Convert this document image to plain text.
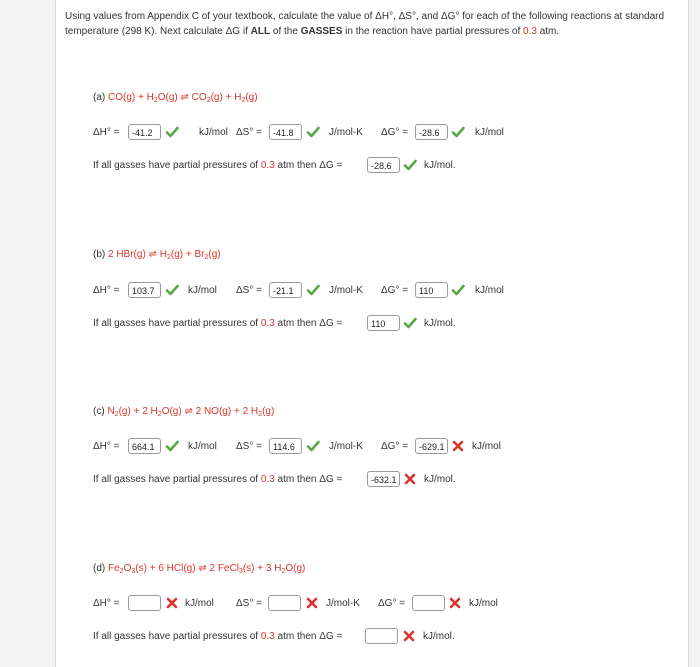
Using values from Appendix C of your textbook, calculate the value of ΔH°, ΔS°, and ΔG° for each of the following reactions at standard temperature (298 K). Next calculate ΔG if ALL of the GASSES in the reaction have partial pressures of 0.3 atm.
(a) $CO(g) + H_2O(g)$ ⇌ $CO_2(g) + H_2(g)$
ΔH° =	-41.2	kJ/mol ΔS° =	-41.8	J/mol-K ΔG° =	-28.6	kJ/mol
If all gasses have partial pressures of 0.3 atm then ΔG =	-28.6	kJ/mol.
(b) 2 HBr(g) ⇌ $H_2(g) + Br_2(g)$
ΔH° =	103.7	kJ/mol ΔS° =	-21.1	J/mol-K ΔG° =	110	kJ/mol
If all gasses have partial pressures of 0.3 atm then ΔG =	110	kJ/mol.
(c) $N_2(g) + 2$ $H_2O(g)$ ⇌ 2 NO(g) + 2 $H_2(g)$
ΔH° =	664.1	kJ/mol ΔS° =	114.6	J/mol-K ΔG° =	-629.1	kJ/mol
If all gasses have partial pressures of 0.3 atm then ΔG =	-632.1	kJ/mol.
(d) $Fe_2O_3(s) + 6$ HCl(g) ⇌ 2 FeCl$_3$(s) + 3 $H_2O(g)$
ΔH° =	kJ/mol ΔS° =	J/mol-K ΔG° =	kJ/mol
If all gasses have partial pressures of 0.3 atm then ΔG =	kJ/mol.
